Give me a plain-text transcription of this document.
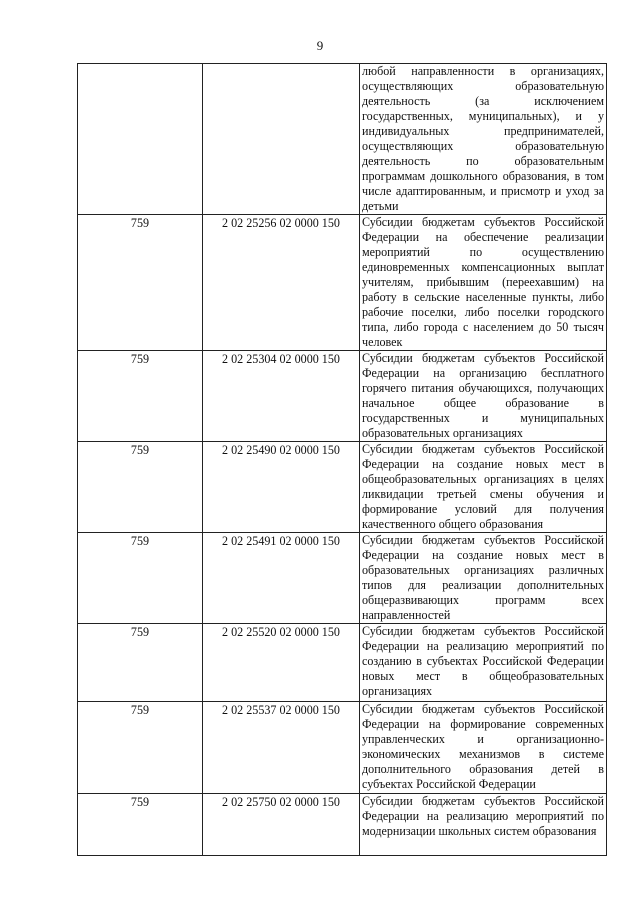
9
		любой направленности в организациях, осуществляющих образовательную деятельность (за исключением государственных, муниципальных), и у индивидуальных предпринимателей, осуществляющих образовательную деятельность по образовательным программам дошкольного образования, в том числе адаптированным, и присмотр и уход за детьми
759	2 02 25256 02 0000 150	Субсидии бюджетам субъектов Российской Федерации на обеспечение реализации мероприятий по осуществлению единовременных компенсационных выплат учителям, прибывшим (переехавшим) на работу в сельские населенные пункты, либо рабочие поселки, либо поселки городского типа, либо города с населением до 50 тысяч человек
759	2 02 25304 02 0000 150	Субсидии бюджетам субъектов Российской Федерации на организацию бесплатного горячего питания обучающихся, получающих начальное общее образование в государственных и муниципальных образовательных организациях
759	2 02 25490 02 0000 150	Субсидии бюджетам субъектов Российской Федерации на создание новых мест в общеобразовательных организациях в целях ликвидации третьей смены обучения и формирование условий для получения качественного общего образования
759	2 02 25491 02 0000 150	Субсидии бюджетам субъектов Российской Федерации на создание новых мест в образовательных организациях различных типов для реализации дополнительных общеразвивающих программ всех направленностей
759	2 02 25520 02 0000 150	Субсидии бюджетам субъектов Российской Федерации на реализацию мероприятий по созданию в субъектах Российской Федерации новых мест в общеобразовательных организациях
759	2 02 25537 02 0000 150	Субсидии бюджетам субъектов Российской Федерации на формирование современных управленческих и организационно-экономических механизмов в системе дополнительного образования детей в субъектах Российской Федерации
759	2 02 25750 02 0000 150	Субсидии бюджетам субъектов Российской Федерации на реализацию мероприятий по модернизации школьных систем образования
